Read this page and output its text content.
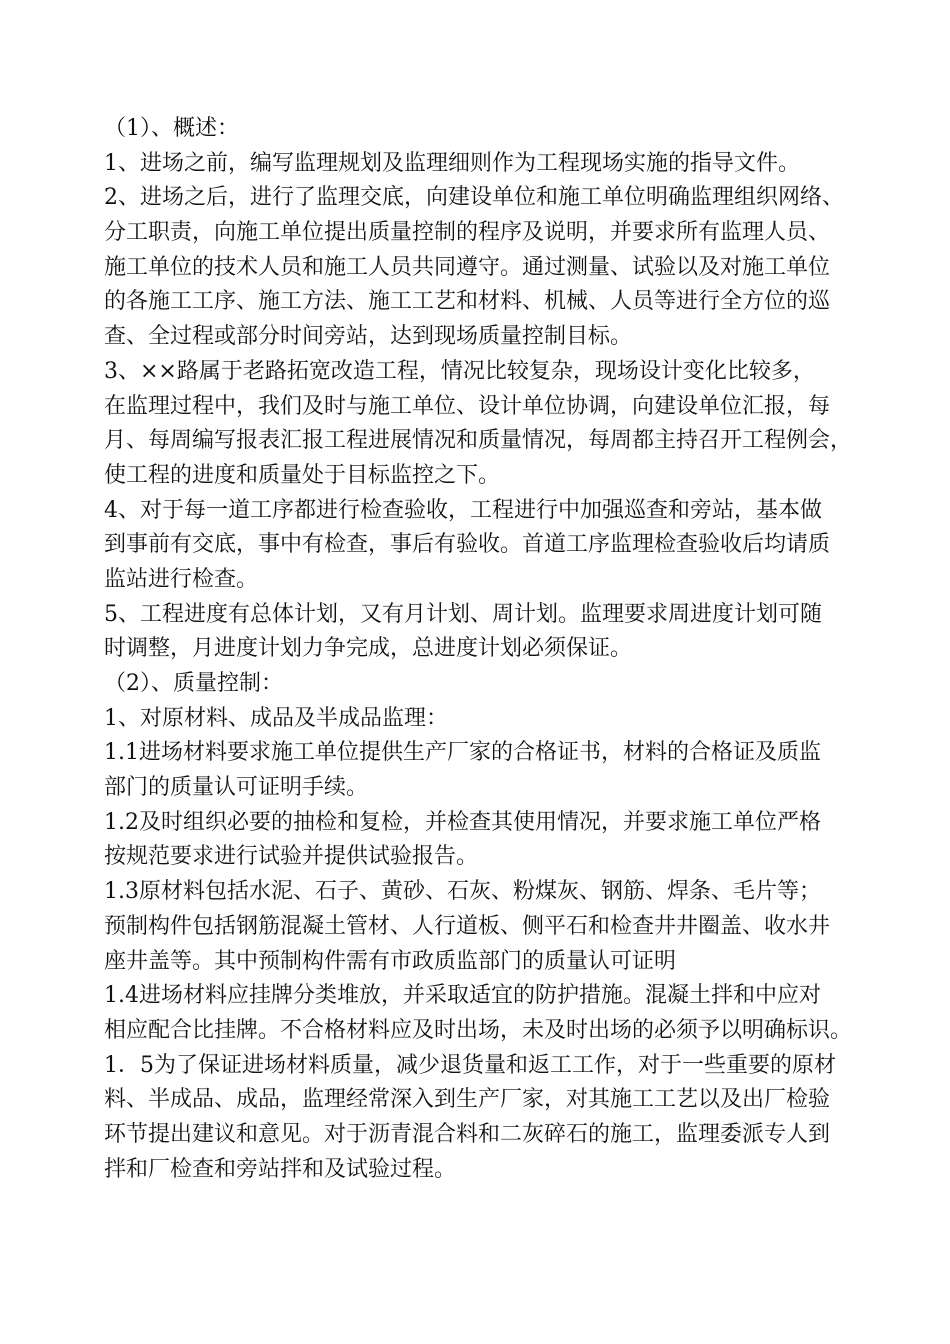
（1）、概述：
1、进场之前，编写监理规划及监理细则作为工程现场实施的指导文件。
2、进场之后，进行了监理交底，向建设单位和施工单位明确监理组织网络、
分工职责，向施工单位提出质量控制的程序及说明，并要求所有监理人员、
施工单位的技术人员和施工人员共同遵守。通过测量、试验以及对施工单位
的各施工工序、施工方法、施工工艺和材料、机械、人员等进行全方位的巡
查、全过程或部分时间旁站，达到现场质量控制目标。
3、××路属于老路拓宽改造工程，情况比较复杂，现场设计变化比较多，
在监理过程中，我们及时与施工单位、设计单位协调，向建设单位汇报，每
月、每周编写报表汇报工程进展情况和质量情况，每周都主持召开工程例会，
使工程的进度和质量处于目标监控之下。
4、对于每一道工序都进行检查验收，工程进行中加强巡查和旁站，基本做
到事前有交底，事中有检查，事后有验收。首道工序监理检查验收后均请质
监站进行检查。
5、工程进度有总体计划，又有月计划、周计划。监理要求周进度计划可随
时调整，月进度计划力争完成，总进度计划必须保证。
（2）、质量控制：
1、对原材料、成品及半成品监理：
1.1进场材料要求施工单位提供生产厂家的合格证书，材料的合格证及质监
部门的质量认可证明手续。
1.2及时组织必要的抽检和复检，并检查其使用情况，并要求施工单位严格
按规范要求进行试验并提供试验报告。
1.3原材料包括水泥、石子、黄砂、石灰、粉煤灰、钢筋、焊条、毛片等；
预制构件包括钢筋混凝土管材、人行道板、侧平石和检查井井圈盖、收水井
座井盖等。其中预制构件需有市政质监部门的质量认可证明
1.4进场材料应挂牌分类堆放，并采取适宜的防护措施。混凝土拌和中应对
相应配合比挂牌。不合格材料应及时出场，未及时出场的必须予以明确标识。
1．5为了保证进场材料质量，减少退货量和返工工作，对于一些重要的原材
料、半成品、成品，监理经常深入到生产厂家，对其施工工艺以及出厂检验
环节提出建议和意见。对于沥青混合料和二灰碎石的施工，监理委派专人到
拌和厂检查和旁站拌和及试验过程。
